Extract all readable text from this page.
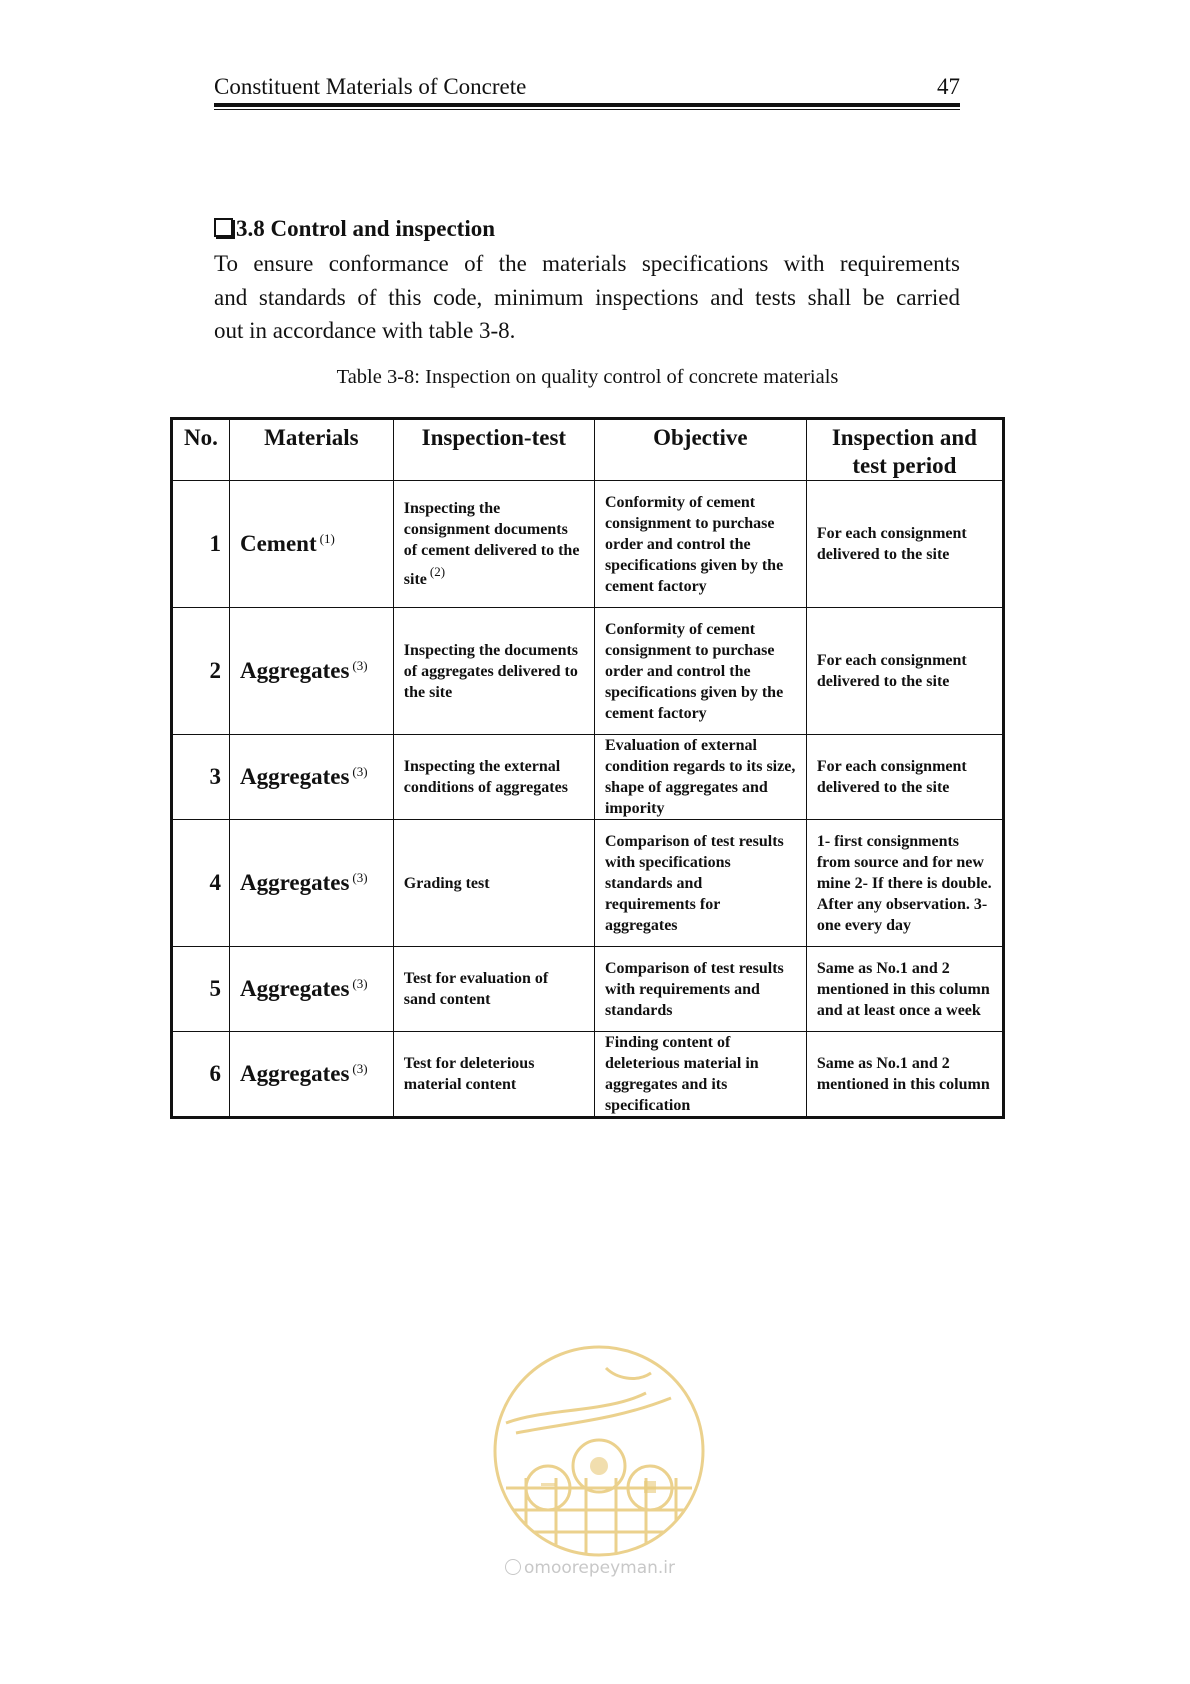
Constituent Materials of Concrete	47
3.8 Control and inspection
To ensure conformance of the materials specifications with requirements
and standards of this code, minimum inspections and tests shall be carried
out in accordance with table 3-8.
Table 3-8: Inspection on quality control of concrete materials
No.	Materials	Inspection-test	Objective	Inspection and test period
1	Cement $^{(1)}$	Inspecting the consignment documents of cement delivered to the site $^{(2)}$	Conformity of cement consignment to purchase order and control the specifications given by the cement factory	For each consignment delivered to the site
2	Aggregates $^{(3)}$	Inspecting the documents of aggregates delivered to the site	Conformity of cement consignment to purchase order and control the specifications given by the cement factory	For each consignment delivered to the site
3	Aggregates $^{(3)}$	Inspecting the external conditions of aggregates	Evaluation of external condition regards to its size, shape of aggregates and impority	For each consignment delivered to the site
4	Aggregates $^{(3)}$	Grading test	Comparison of test results with specifications standards and requirements for aggregates	1- first consignments from source and for new mine 2- If there is double. After any observation. 3- one every day
5	Aggregates $^{(3)}$	Test for evaluation of sand content	Comparison of test results with requirements and standards	Same as No.1 and 2 mentioned in this column and at least once a week
6	Aggregates $^{(3)}$	Test for deleterious material content	Finding content of deleterious material in aggregates and its specification	Same as No.1 and 2 mentioned in this column
omoorepeyman.ir
